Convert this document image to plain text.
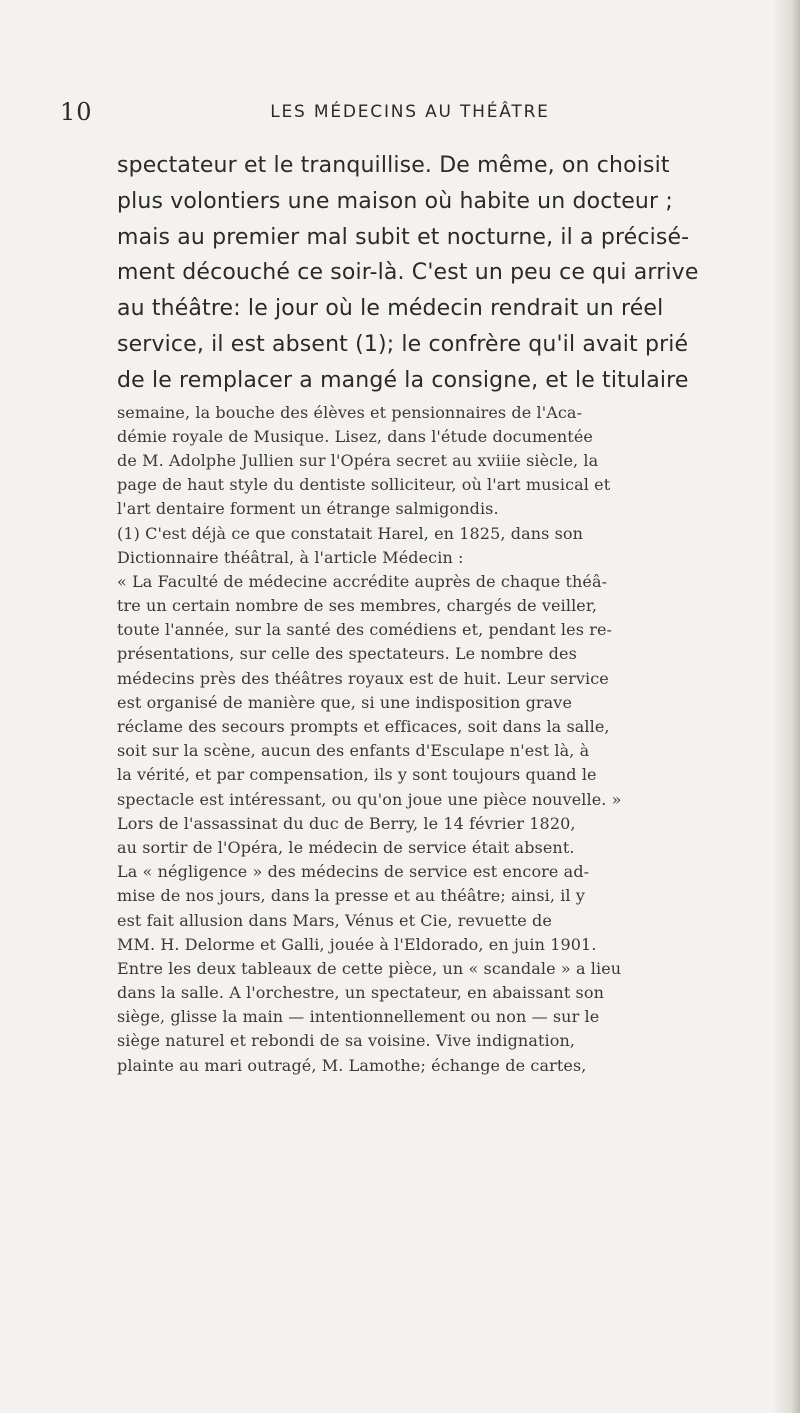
10	LES MÉDECINS AU THÉÂTRE
spectateur et le tranquillise. De même, on choisit
plus volontiers une maison où habite un docteur ;
mais au premier mal subit et nocturne, il a précisé-
ment découché ce soir-là. C'est un peu ce qui arrive
au théâtre: le jour où le médecin rendrait un réel
service, il est absent (1); le confrère qu'il avait prié
de le remplacer a mangé la consigne, et le titulaire
semaine, la bouche des élèves et pensionnaires de l'Aca-
démie royale de Musique. Lisez, dans l'étude documentée
de M. Adolphe Jullien sur l'Opéra secret au xviiie siècle, la
page de haut style du dentiste solliciteur, où l'art musical et
l'art dentaire forment un étrange salmigondis.
(1) C'est déjà ce que constatait Harel, en 1825, dans son
Dictionnaire théâtral, à l'article Médecin :
« La Faculté de médecine accrédite auprès de chaque théâ-
tre un certain nombre de ses membres, chargés de veiller,
toute l'année, sur la santé des comédiens et, pendant les re-
présentations, sur celle des spectateurs. Le nombre des
médecins près des théâtres royaux est de huit. Leur service
est organisé de manière que, si une indisposition grave
réclame des secours prompts et efficaces, soit dans la salle,
soit sur la scène, aucun des enfants d'Esculape n'est là, à
la vérité, et par compensation, ils y sont toujours quand le
spectacle est intéressant, ou qu'on joue une pièce nouvelle. »
Lors de l'assassinat du duc de Berry, le 14 février 1820,
au sortir de l'Opéra, le médecin de service était absent.
La « négligence » des médecins de service est encore ad-
mise de nos jours, dans la presse et au théâtre; ainsi, il y
est fait allusion dans Mars, Vénus et Cie, revuette de
MM. H. Delorme et Galli, jouée à l'Eldorado, en juin 1901.
Entre les deux tableaux de cette pièce, un « scandale » a lieu
dans la salle. A l'orchestre, un spectateur, en abaissant son
siège, glisse la main — intentionnellement ou non — sur le
siège naturel et rebondi de sa voisine. Vive indignation,
plainte au mari outragé, M. Lamothe; échange de cartes,
